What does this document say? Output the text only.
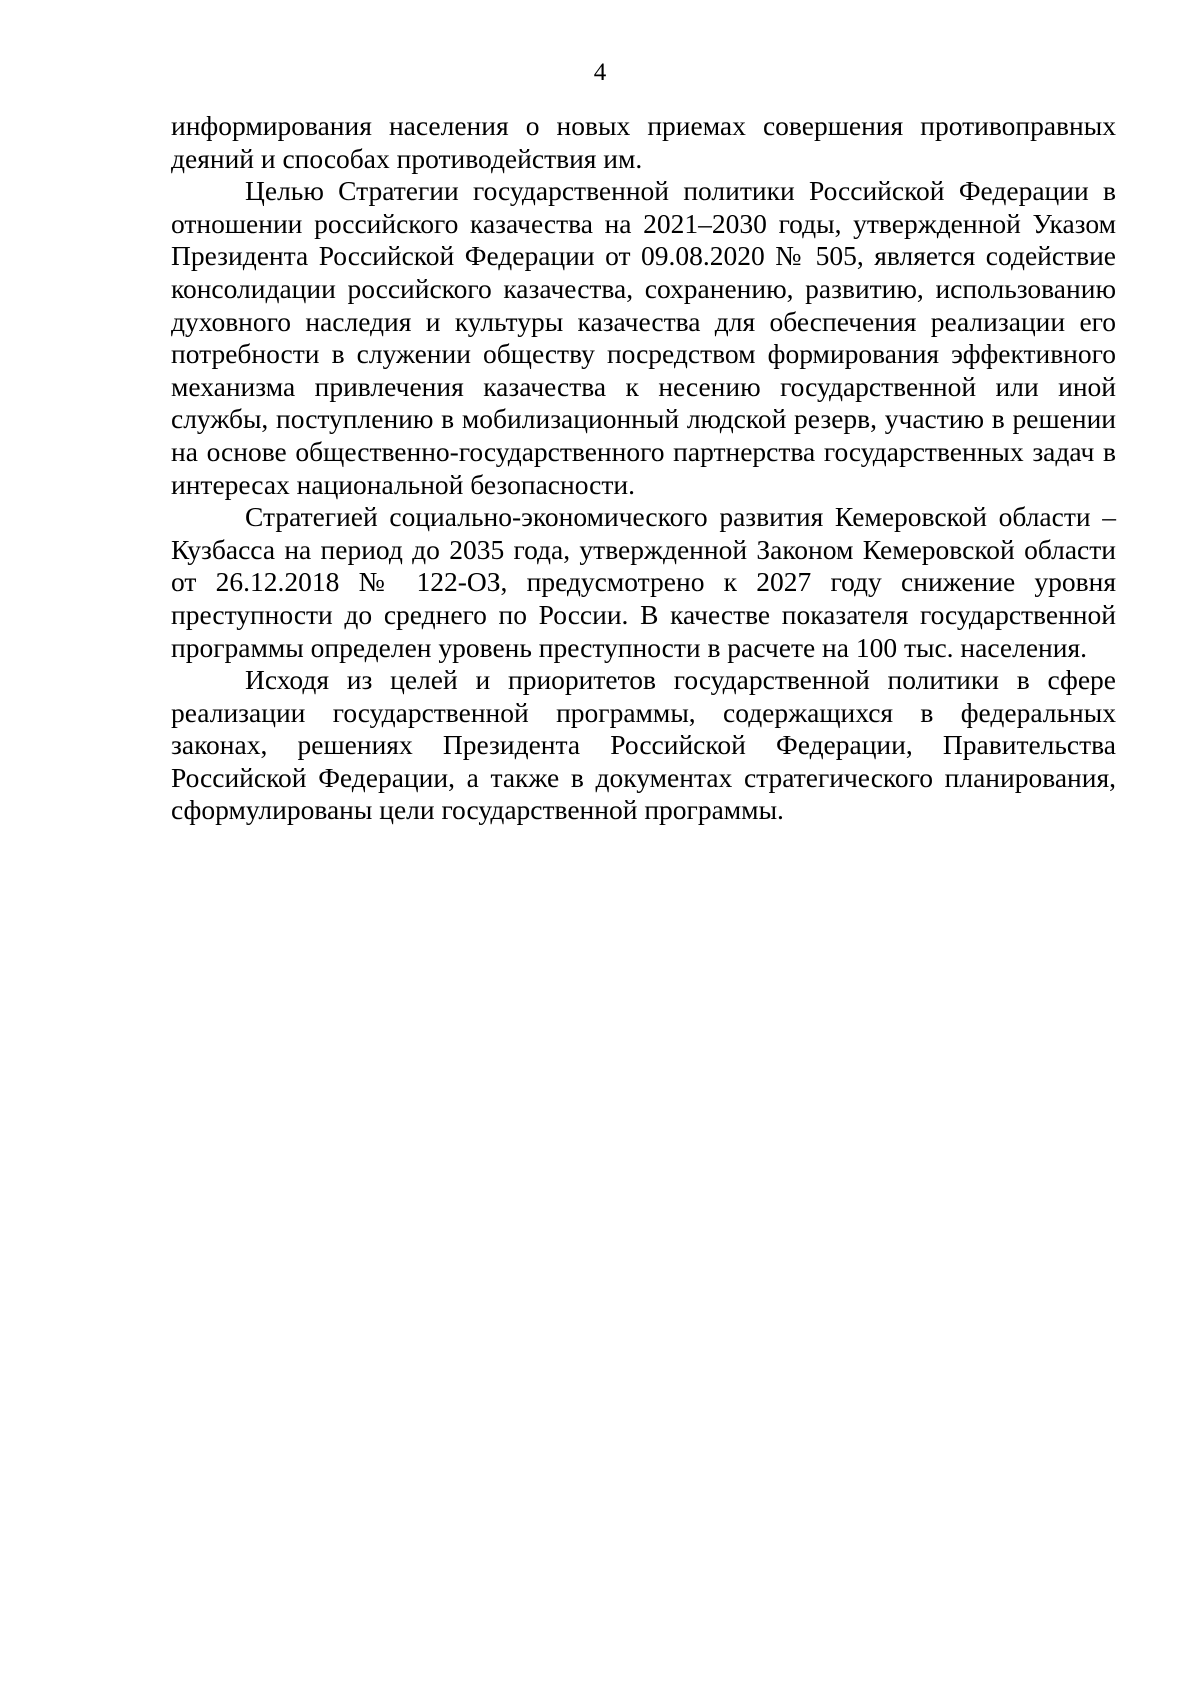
4

информирования населения о новых приемах совершения противоправных деяний и способах противодействия им.

Целью Стратегии государственной политики Российской Федерации в отношении российского казачества на 2021–2030 годы, утвержденной Указом Президента Российской Федерации от 09.08.2020 № 505, является содействие консолидации российского казачества, сохранению, развитию, использованию духовного наследия и культуры казачества для обеспечения реализации его потребности в служении обществу посредством формирования эффективного механизма привлечения казачества к несению государственной или иной службы, поступлению в мобилизационный людской резерв, участию в решении на основе общественно-государственного партнерства государственных задач в интересах национальной безопасности.

Стратегией социально-экономического развития Кемеровской области – Кузбасса на период до 2035 года, утвержденной Законом Кемеровской области от 26.12.2018 № 122-ОЗ, предусмотрено к 2027 году снижение уровня преступности до среднего по России. В качестве показателя государственной программы определен уровень преступности в расчете на 100 тыс. населения.

Исходя из целей и приоритетов государственной политики в сфере реализации государственной программы, содержащихся в федеральных законах, решениях Президента Российской Федерации, Правительства Российской Федерации, а также в документах стратегического планирования, сформулированы цели государственной программы.
